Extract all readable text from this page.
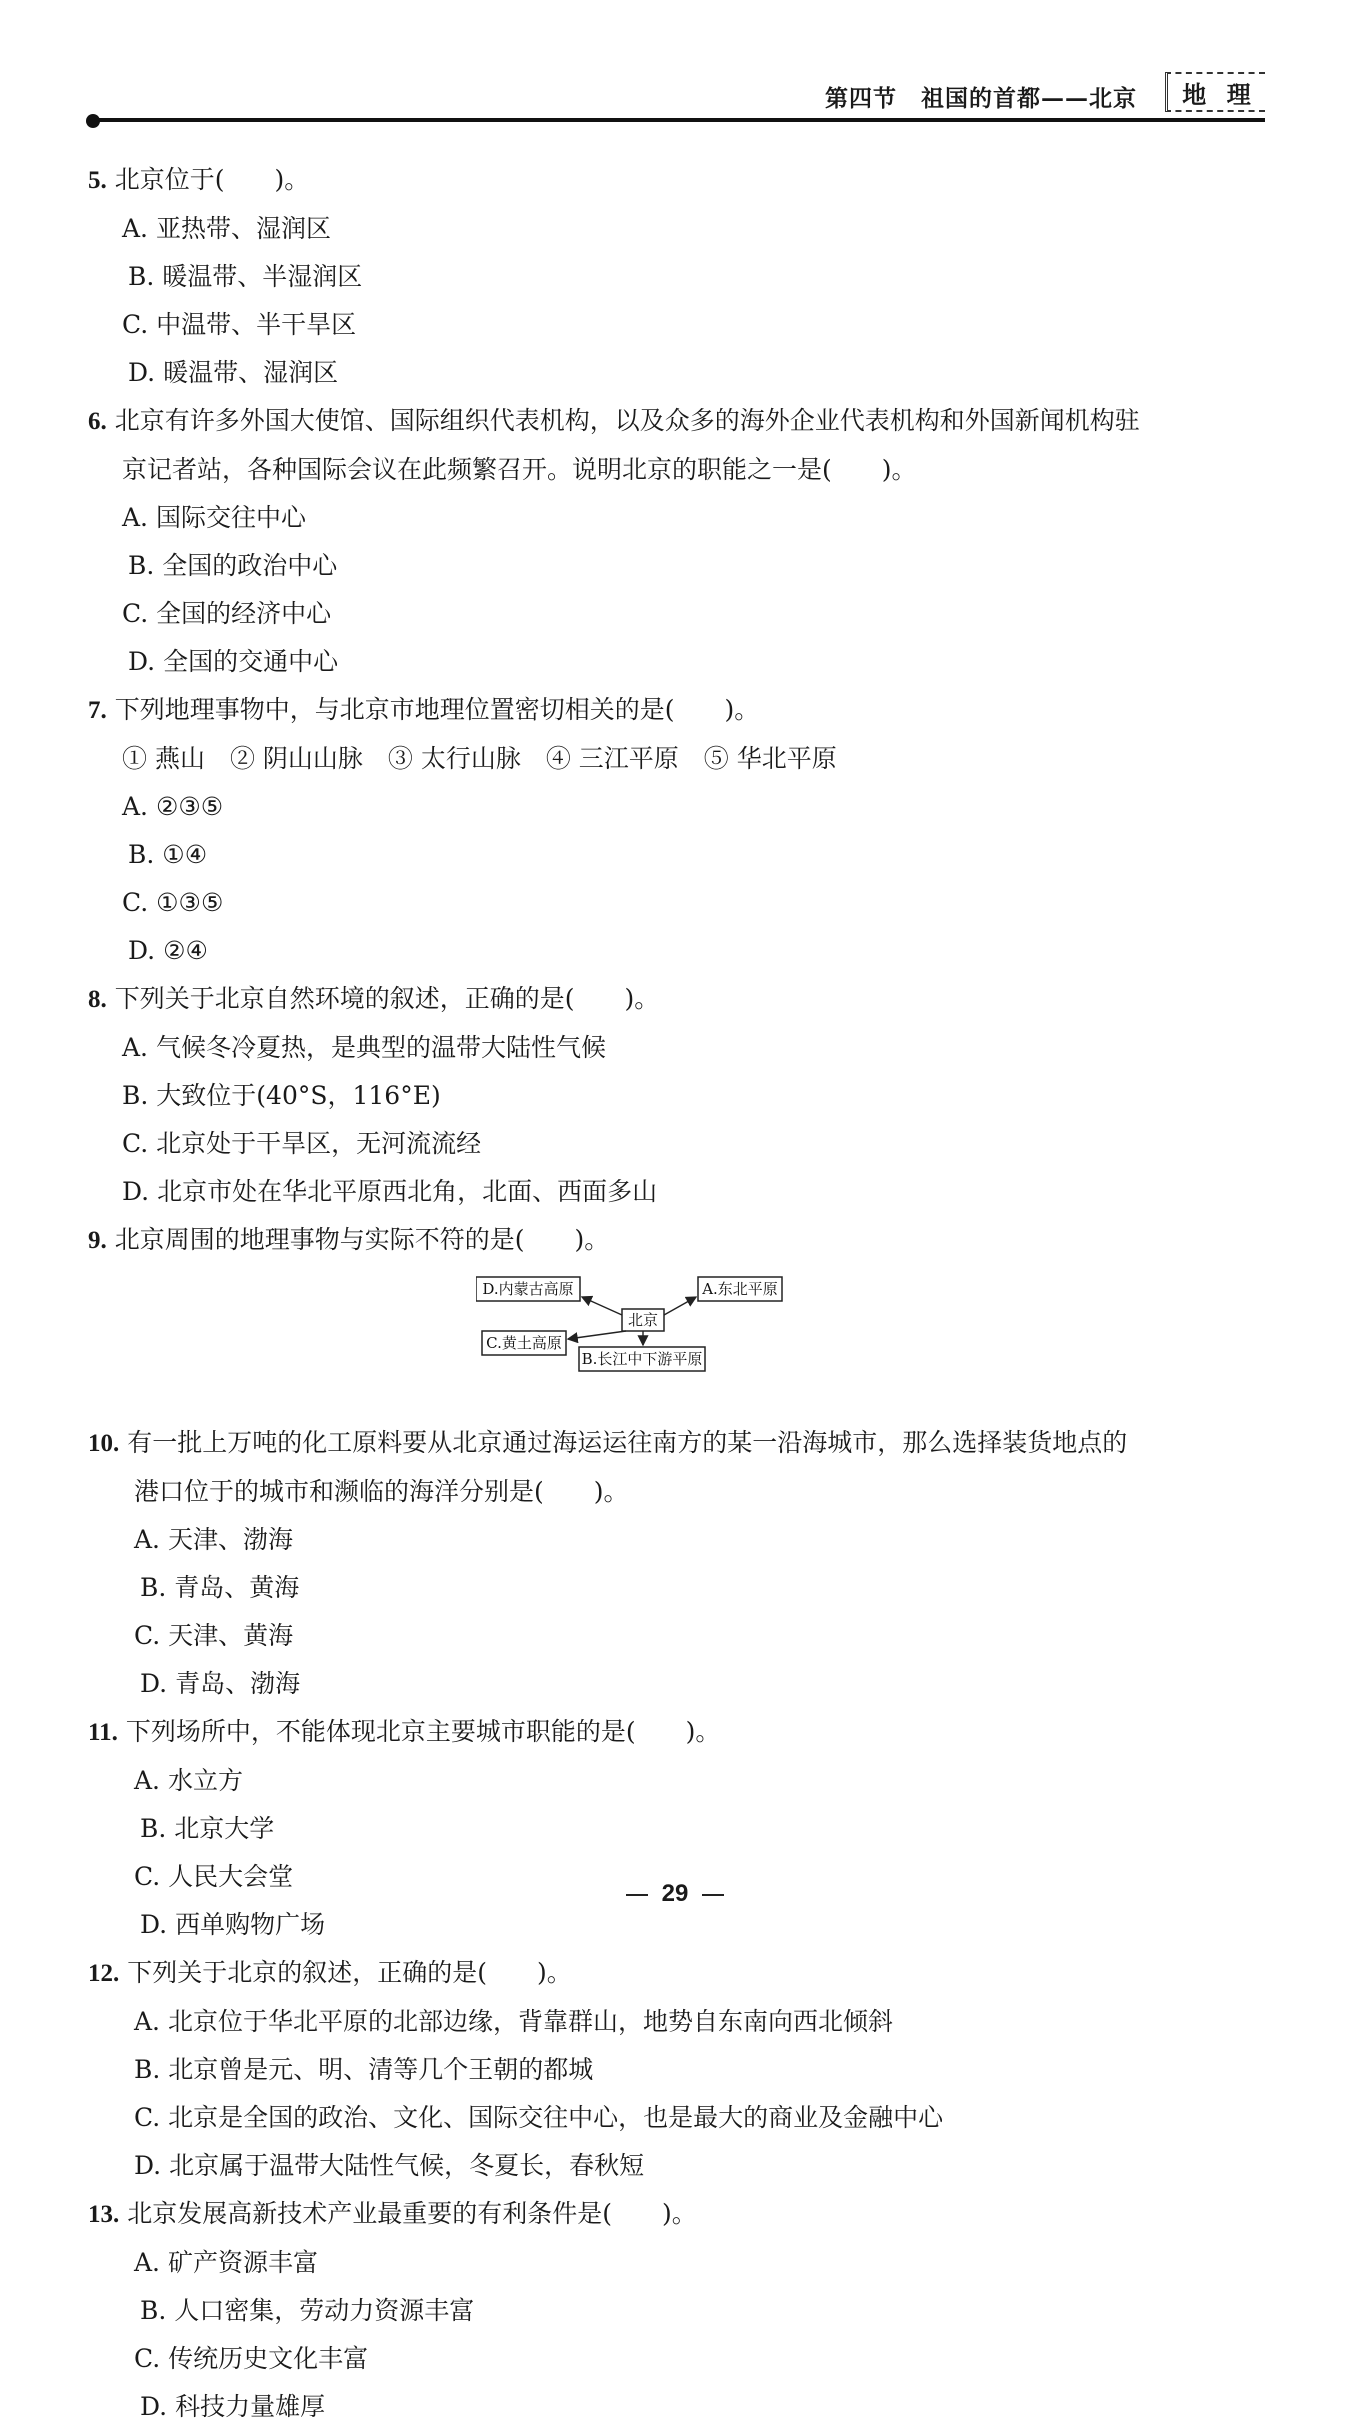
第四节　祖国的首都——北京 地 理

5. 北京位于(　　)。

A. 亚热带、湿润区
B. 暖温带、半湿润区
C. 中温带、半干旱区
D. 暖温带、湿润区

6. 北京有许多外国大使馆、国际组织代表机构，以及众多的海外企业代表机构和外国新闻机构驻

京记者站，各种国际会议在此频繁召开。说明北京的职能之一是(　　)。

A. 国际交往中心
B. 全国的政治中心
C. 全国的经济中心
D. 全国的交通中心

7. 下列地理事物中，与北京市地理位置密切相关的是(　　)。

① 燕山　② 阴山山脉　③ 太行山脉　④ 三江平原　⑤ 华北平原

A. ②③⑤
B. ①④
C. ①③⑤
D. ②④

8. 下列关于北京自然环境的叙述，正确的是(　　)。

A. 气候冬冷夏热，是典型的温带大陆性气候
B. 大致位于(40°S，116°E)
C. 北京处于干旱区，无河流流经
D. 北京市处在华北平原西北角，北面、西面多山

9. 北京周围的地理事物与实际不符的是(　　)。

D.内蒙古高原	A.东北平原
北京
C.黄土高原
B.长江中下游平原

10. 有一批上万吨的化工原料要从北京通过海运运往南方的某一沿海城市，那么选择装货地点的

港口位于的城市和濒临的海洋分别是(　　)。

A. 天津、渤海
B. 青岛、黄海
C. 天津、黄海
D. 青岛、渤海

11. 下列场所中，不能体现北京主要城市职能的是(　　)。

A. 水立方
B. 北京大学
C. 人民大会堂
D. 西单购物广场

12. 下列关于北京的叙述，正确的是(　　)。

A. 北京位于华北平原的北部边缘，背靠群山，地势自东南向西北倾斜
B. 北京曾是元、明、清等几个王朝的都城
C. 北京是全国的政治、文化、国际交往中心，也是最大的商业及金融中心
D. 北京属于温带大陆性气候，冬夏长，春秋短

13. 北京发展高新技术产业最重要的有利条件是(　　)。

A. 矿产资源丰富
B. 人口密集，劳动力资源丰富
C. 传统历史文化丰富
D. 科技力量雄厚
29
